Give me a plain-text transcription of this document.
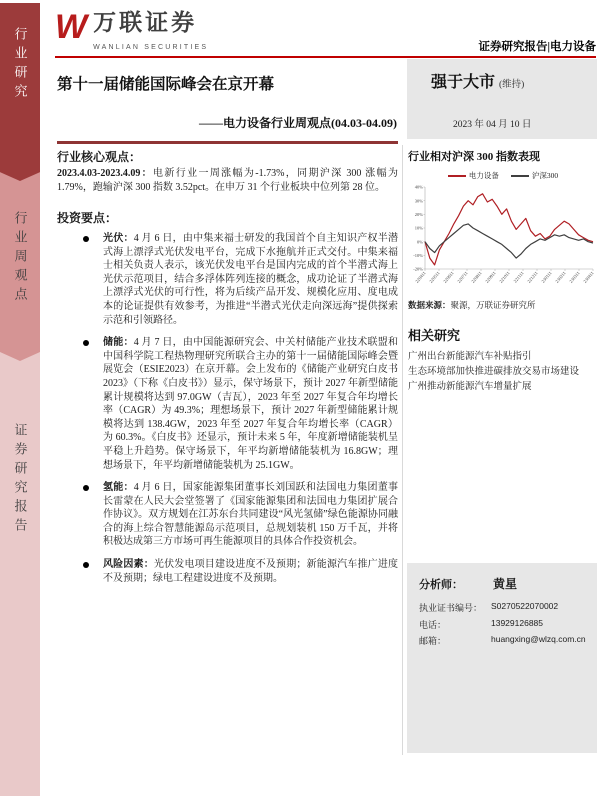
行业研究
行业周观点
证券研究报告
W 万联证券
WANLIAN SECURITIES	证券研究报告|电力设备
第十一届储能国际峰会在京开幕
——电力设备行业周观点(04.03-04.09)
强于大市 (维持)
2023 年 04 月 10 日

行业核心观点：

2023.4.03-2023.4.09：电新行业一周涨幅为-1.73%，同期沪深 300 涨幅为 1.79%，跑输沪深 300 指数 3.52pct。在申万 31 个行业板块中位列第 28 位。

投资要点：

光伏：4 月 6 日，由中集来福士研发的我国首个自主知识产权半潜式海上漂浮式光伏发电平台，完成下水拖航并正式交付。中集来福士相关负责人表示，该光伏发电平台是国内完成的首个半潜式海上光伏示范项目，结合多浮体阵列连接的概念，成功论证了半潜式海上漂浮式光伏的可行性，将为后续产品开发、规模化应用、度电成本的论证提供有效参考，为推进“半潜式光伏走向深远海”提供探索示范和引领路径。
储能：4 月 7 日，由中国能源研究会、中关村储能产业技术联盟和中国科学院工程热物理研究所联合主办的第十一届储能国际峰会暨展览会（ESIE2023）在京开幕。会上发布的《储能产业研究白皮书 2023》（下称《白皮书》）显示，保守场景下，预计 2027 年新型储能累计规模将达到 97.0GW（吉瓦），2023 年至 2027 年复合年均增长率（CAGR）为 49.3%；理想场景下，预计 2027 年新型储能累计规模将达到 138.4GW，2023 年至 2027 年复合年均增长率（CAGR）为 60.3%。《白皮书》还显示，预计未来 5 年，年度新增储能装机呈平稳上升趋势。保守场景下，年平均新增储能装机为 16.8GW；理想场景下，年平均新增储能装机为 25.1GW。
氢能：4 月 6 日，国家能源集团董事长刘国跃和法国电力集团董事长雷蒙在人民大会堂签署了《国家能源集团和法国电力集团扩展合作协议》。双方规划在江苏东台共同建设“风光氢储”绿色能源协同融合的海上综合智慧能源岛示范项目，总规划装机 150 万千瓦，并将积极达成第三方市场可再生能源项目的具体合作投资机会。
风险因素：光伏发电项目建设进度不及预期；新能源汽车推广进度不及预期；绿电工程建设进度不及预期。

行业相对沪深 300 指数表现

电力设备	沪深300
40%
30%
20%
10%
0%
-10%
-20%
220411 220511 220611 220711 220811 220911 221011 221111 221211 230111 230211 230311 230411
数据来源：聚源，万联证券研究所

相关研究

广州出台新能源汽车补贴指引
生态环境部加快推进碳排放交易市场建设
广州推动新能源汽车增量扩展
分析师：	黄星
执业证书编号： S0270522070002
电话：	13929126885
邮箱：	huangxing@wlzq.com.cn
